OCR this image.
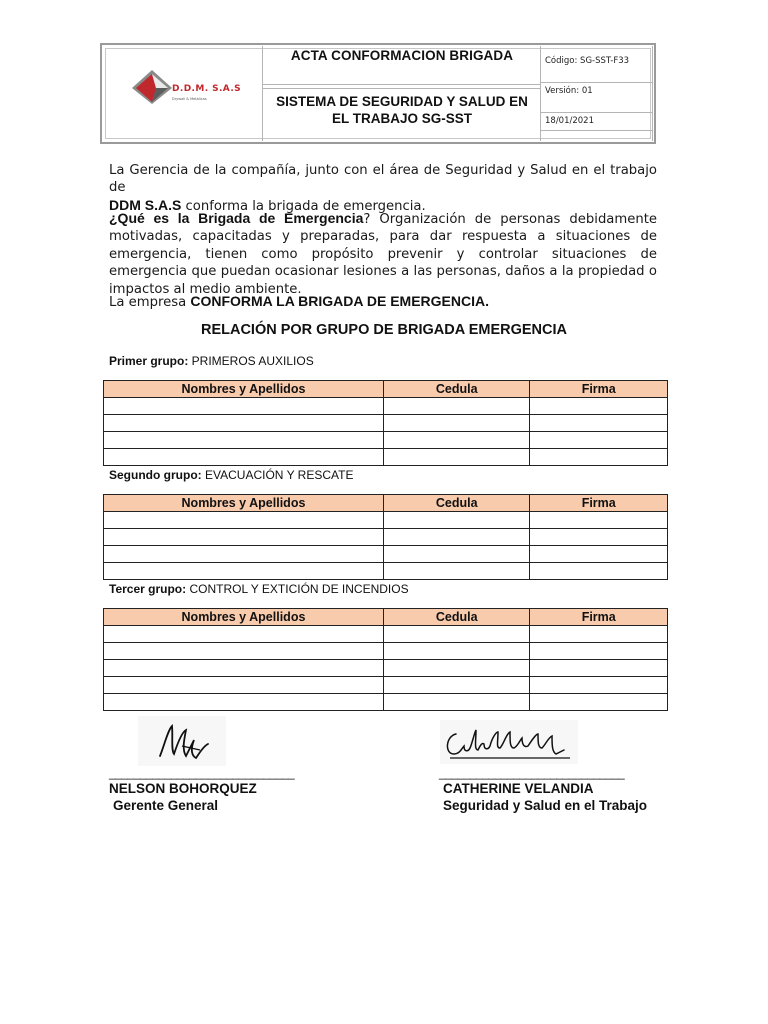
D.D.M. S.A.S
Drywall & Metálicas
ACTA CONFORMACION BRIGADA
SISTEMA DE SEGURIDAD Y SALUD EN EL TRABAJO SG-SST
Código: SG-SST-F33
Versión: 01
18/01/2021
La Gerencia de la compañía, junto con el área de Seguridad y Salud en el trabajo de
DDM S.A.S conforma la brigada de emergencia.
¿Qué es la Brigada de Emergencia? Organización de personas debidamente motivadas, capacitadas y preparadas, para dar respuesta a situaciones de emergencia, tienen como propósito prevenir y controlar situaciones de emergencia que puedan ocasionar lesiones a las personas, daños a la propiedad o impactos al medio ambiente.
La empresa CONFORMA LA BRIGADA DE EMERGENCIA.
RELACIÓN POR GRUPO DE BRIGADA EMERGENCIA
Primer grupo: PRIMEROS AUXILIOS
Nombres y Apellidos	Cedula	Firma

Segundo grupo: EVACUACIÓN Y RESCATE
Nombres y Apellidos	Cedula	Firma

Tercer grupo: CONTROL Y EXTICIÓN DE INCENDIOS
Nombres y Apellidos	Cedula	Firma

______________________________
NELSON BOHORQUEZ
Gerente General
______________________________
CATHERINE VELANDIA
Seguridad y Salud en el Trabajo
